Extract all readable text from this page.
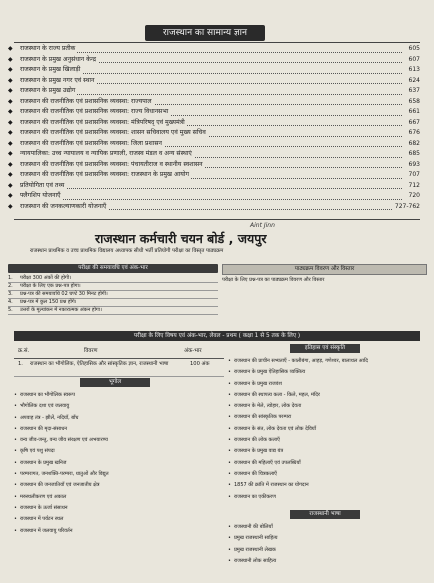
राजस्थान का सामान्य ज्ञान
◆	राजस्थान के राज्य प्रतीक	605
◆	राजस्थान के प्रमुख अनुसंधान केन्द्र	607
◆	राजस्थान के प्रमुख खिलाड़ी	613
◆	राजस्थान के प्रमुख नगर एवं स्थान	624
◆	राजस्थान के प्रमुख उद्योग	637
◆	राजस्थान की राजनीतिक एवं प्रशासनिक व्यवस्था: राज्यपाल	658
◆	राजस्थान की राजनीतिक एवं प्रशासनिक व्यवस्था: राज्य विधानसभा	661
◆	राजस्थान की राजनीतिक एवं प्रशासनिक व्यवस्था: मंत्रिपरिषद् एवं मुख्यमंत्री	667
◆	राजस्थान की राजनीतिक एवं प्रशासनिक व्यवस्था: शासन सचिवालय एवं मुख्य सचिव	676
◆	राजस्थान की राजनीतिक एवं प्रशासनिक व्यवस्था: जिला प्रशासन	682
◆	न्यायपालिका: उच्च न्यायालय व न्यायिक प्रणाली, राजस्व मंडल व अन्य संस्थाएं	685
◆	राजस्थान की राजनीतिक एवं प्रशासनिक व्यवस्था: पंचायतीराज व स्थानीय स्वशासन	693
◆	राजस्थान की राजनीतिक एवं प्रशासनिक व्यवस्था: राजस्थान के प्रमुख आयोग	707
◆	प्रतियोगिता एवं तथ्य	712
◆	फ्लैगशिप योजनाएँ	720
◆	राजस्थान की जनकल्याणकारी योजनाएँ	727-762
Aint Jinn
राजस्थान कर्मचारी चयन बोर्ड , जयपुर
राजस्थान प्राथमिक व उच्च प्राथमिक विद्यालय अध्यापक सीधी भर्ती प्रतियोगी परीक्षा का विस्तृत पाठ्यक्रम
परीक्षा की समयावधि एवं अंक-भार
1.	परीक्षा 300 अंकों की होगी।
2.	परीक्षा के लिए एक प्रश्न-पत्र होगा।
3.	प्रश्न-पत्र की समयावधि 02 घण्टे 30 मिनट होगी।
4.	प्रश्न-पत्र में कुल 150 प्रश्न होंगे।
5.	उत्तरों के मूल्यांकन में नकारात्मक अंकन होगा।
पाठ्यक्रम विवरण और विस्तार
परीक्षा के लिए प्रश्न-पत्र का पाठ्यक्रम विवरण और विस्तार
परीक्षा के लिए विषय एवं अंक-भार, लेवल - प्रथम ( कक्षा 1 से 5 तक के लिए )
क्र.सं.	विवरण	अंक-भार
1. राजस्थान का भौगोलिक, ऐतिहासिक और सांस्कृतिक ज्ञान, राजस्थानी भाषा	100 अंक
भूगोल
• राजस्थान का भौगोलिक स्वरूप
• भौगोलिक दशा एवं जलवायु
• अपवाह तंत्र - झीलें, नदियाँ, बाँध
• राजस्थान की मृदा-संसाधन
• वन्य जीव-जन्तु, वन्य जीव संरक्षण एवं अभयारण्य
• कृषि एवं पशु संपदा
• राजस्थान के प्रमुख खनिज
• परम्परागत, जनशक्ति-परम्परा, धातुओं और विद्युत
• राजस्थान की जनजातियाँ एवं जनजातीय क्षेत्र
• मरुस्थलीकरण एवं अकाल
• राजस्थान के ऊर्जा संसाधन
• राजस्थान में पर्यटन स्थल
• राजस्थान में जलवायु परिवर्तन
इतिहास एवं संस्कृति
• राजस्थान की प्राचीन सभ्यताएँ - कालीबंगा, आहड़, गणेश्वर, बालाथल आदि
• राजस्थान के प्रमुख ऐतिहासिक व्यक्तित्व
• राजस्थान के प्रमुख राजवंश
• राजस्थान की स्थापत्य कला - किले, महल, मंदिर
• राजस्थान के मेले, त्योहार, लोक देवता
• राजस्थान की सांस्कृतिक परम्परा
• राजस्थान के संत, लोक देवता एवं लोक देवियाँ
• राजस्थान की लोक कलाएँ
• राजस्थान के प्रमुख वाद्य यंत्र
• राजस्थान की महिलाएँ एवं उपलब्धियाँ
• राजस्थान की चित्रकलाएँ
• 1857 की क्रांति में राजस्थान का योगदान
• राजस्थान का एकीकरण
राजस्थानी भाषा
• राजस्थानी की बोलियाँ
• प्रमुख राजस्थानी साहित्य
• प्रमुख राजस्थानी लेखक
• राजस्थानी लोक साहित्य
